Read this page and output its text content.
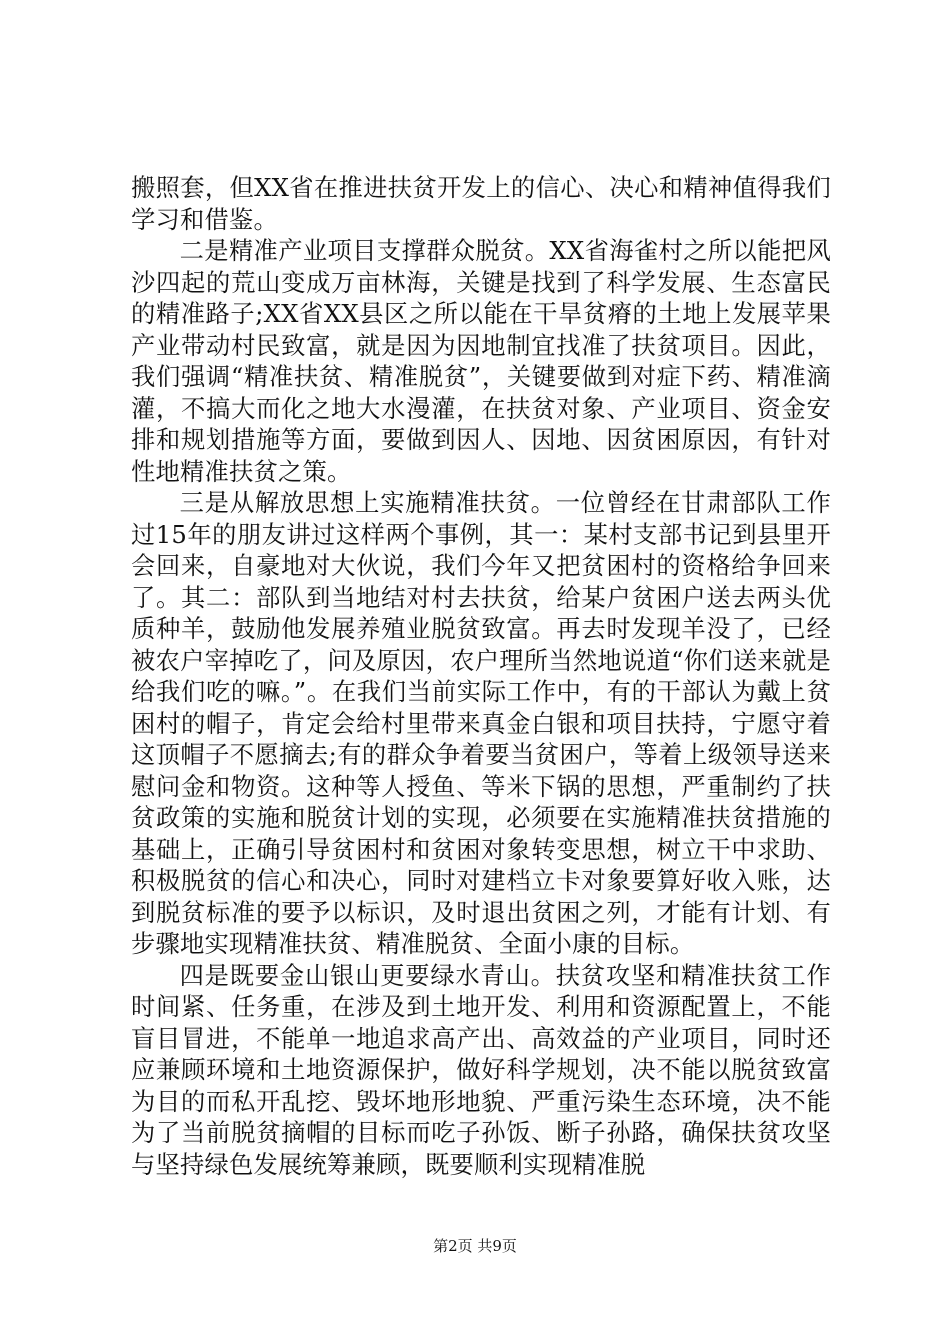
搬照套，但XX省在推进扶贫开发上的信心、决心和精神值得我们学习和借鉴。

二是精准产业项目支撑群众脱贫。XX省海雀村之所以能把风沙四起的荒山变成万亩林海，关键是找到了科学发展、生态富民的精准路子;XX省XX县区之所以能在干旱贫瘠的土地上发展苹果产业带动村民致富，就是因为因地制宜找准了扶贫项目。因此，我们强调“精准扶贫、精准脱贫”，关键要做到对症下药、精准滴灌，不搞大而化之地大水漫灌，在扶贫对象、产业项目、资金安排和规划措施等方面，要做到因人、因地、因贫困原因，有针对性地精准扶贫之策。

三是从解放思想上实施精准扶贫。一位曾经在甘肃部队工作过15年的朋友讲过这样两个事例，其一：某村支部书记到县里开会回来，自豪地对大伙说，我们今年又把贫困村的资格给争回来了。其二：部队到当地结对村去扶贫，给某户贫困户送去两头优质种羊，鼓励他发展养殖业脱贫致富。再去时发现羊没了，已经被农户宰掉吃了，问及原因，农户理所当然地说道“你们送来就是给我们吃的嘛。”。在我们当前实际工作中，有的干部认为戴上贫困村的帽子，肯定会给村里带来真金白银和项目扶持，宁愿守着这顶帽子不愿摘去;有的群众争着要当贫困户，等着上级领导送来慰问金和物资。这种等人授鱼、等米下锅的思想，严重制约了扶贫政策的实施和脱贫计划的实现，必须要在实施精准扶贫措施的基础上，正确引导贫困村和贫困对象转变思想，树立干中求助、积极脱贫的信心和决心，同时对建档立卡对象要算好收入账，达到脱贫标准的要予以标识，及时退出贫困之列，才能有计划、有步骤地实现精准扶贫、精准脱贫、全面小康的目标。

四是既要金山银山更要绿水青山。扶贫攻坚和精准扶贫工作时间紧、任务重，在涉及到土地开发、利用和资源配置上，不能盲目冒进，不能单一地追求高产出、高效益的产业项目，同时还应兼顾环境和土地资源保护，做好科学规划，决不能以脱贫致富为目的而私开乱挖、毁坏地形地貌、严重污染生态环境，决不能为了当前脱贫摘帽的目标而吃子孙饭、断子孙路，确保扶贫攻坚与坚持绿色发展统筹兼顾，既要顺利实现精准脱

第2页 共9页
